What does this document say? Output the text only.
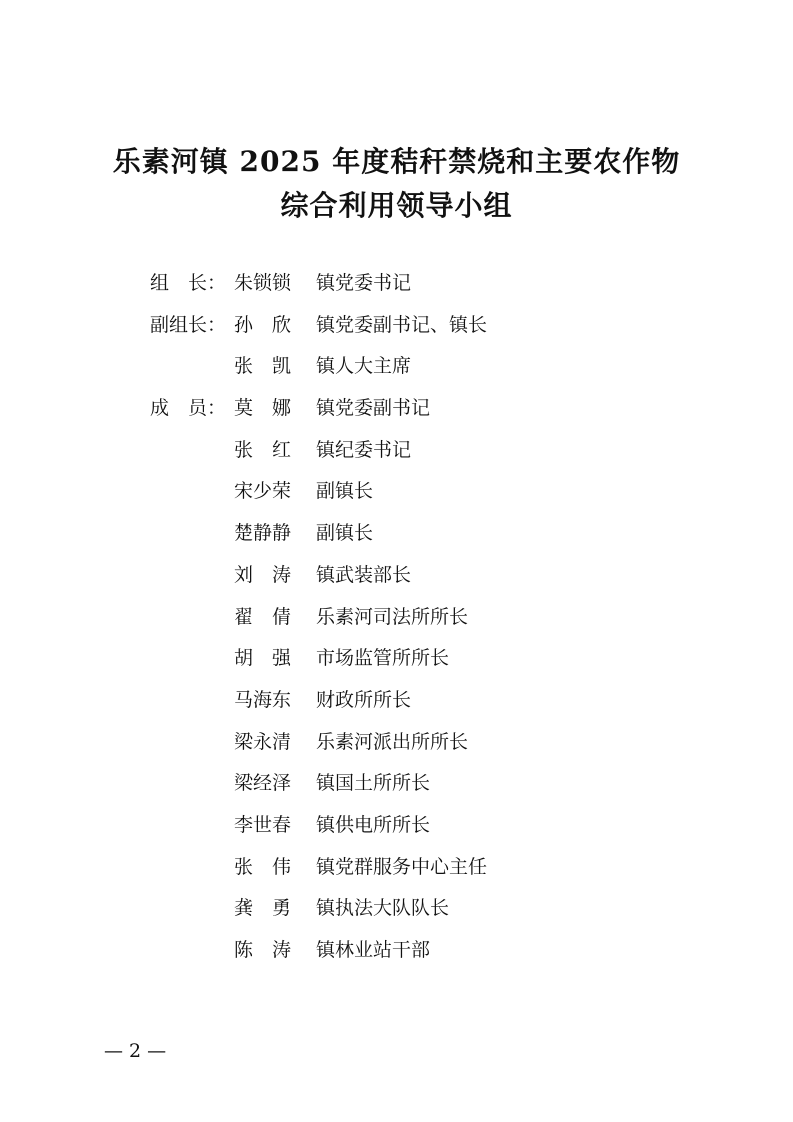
乐素河镇 2025 年度秸秆禁烧和主要农作物
综合利用领导小组
组　长： 朱锁锁	镇党委书记
副组长： 孙　欣	镇党委副书记、镇长
张　凯	镇人大主席
成　员： 莫　娜	镇党委副书记
张　红	镇纪委书记
宋少荣	副镇长
楚静静	副镇长
刘　涛	镇武装部长
翟　倩	乐素河司法所所长
胡　强	市场监管所所长
马海东	财政所所长
梁永清	乐素河派出所所长
梁经泽	镇国土所所长
李世春	镇供电所所长
张　伟	镇党群服务中心主任
龚　勇	镇执法大队队长
陈　涛	镇林业站干部
— 2 —
